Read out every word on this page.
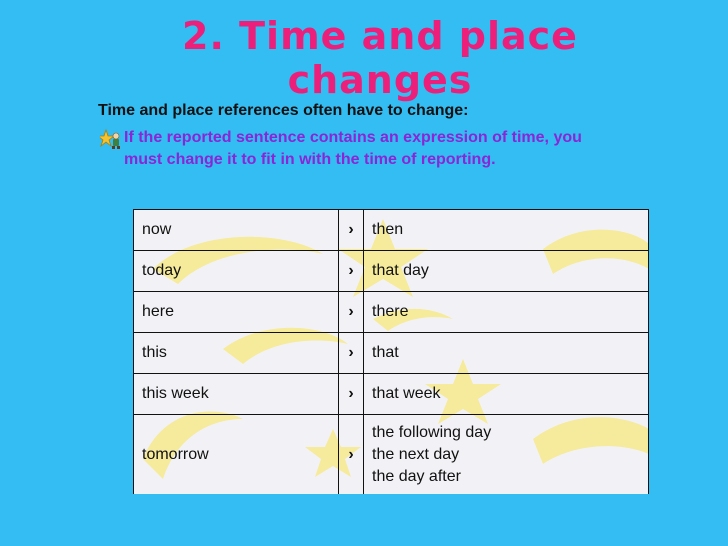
2. Time and place changes

Time and place references often have to change:

If the reported sentence contains an expression of time, you must change it to fit in with the time of reporting.

now	›	then

today	›	that day

here	›	there

this	›	that

this week	›	that week

tomorrow	›	the following day
the next day
the day after
